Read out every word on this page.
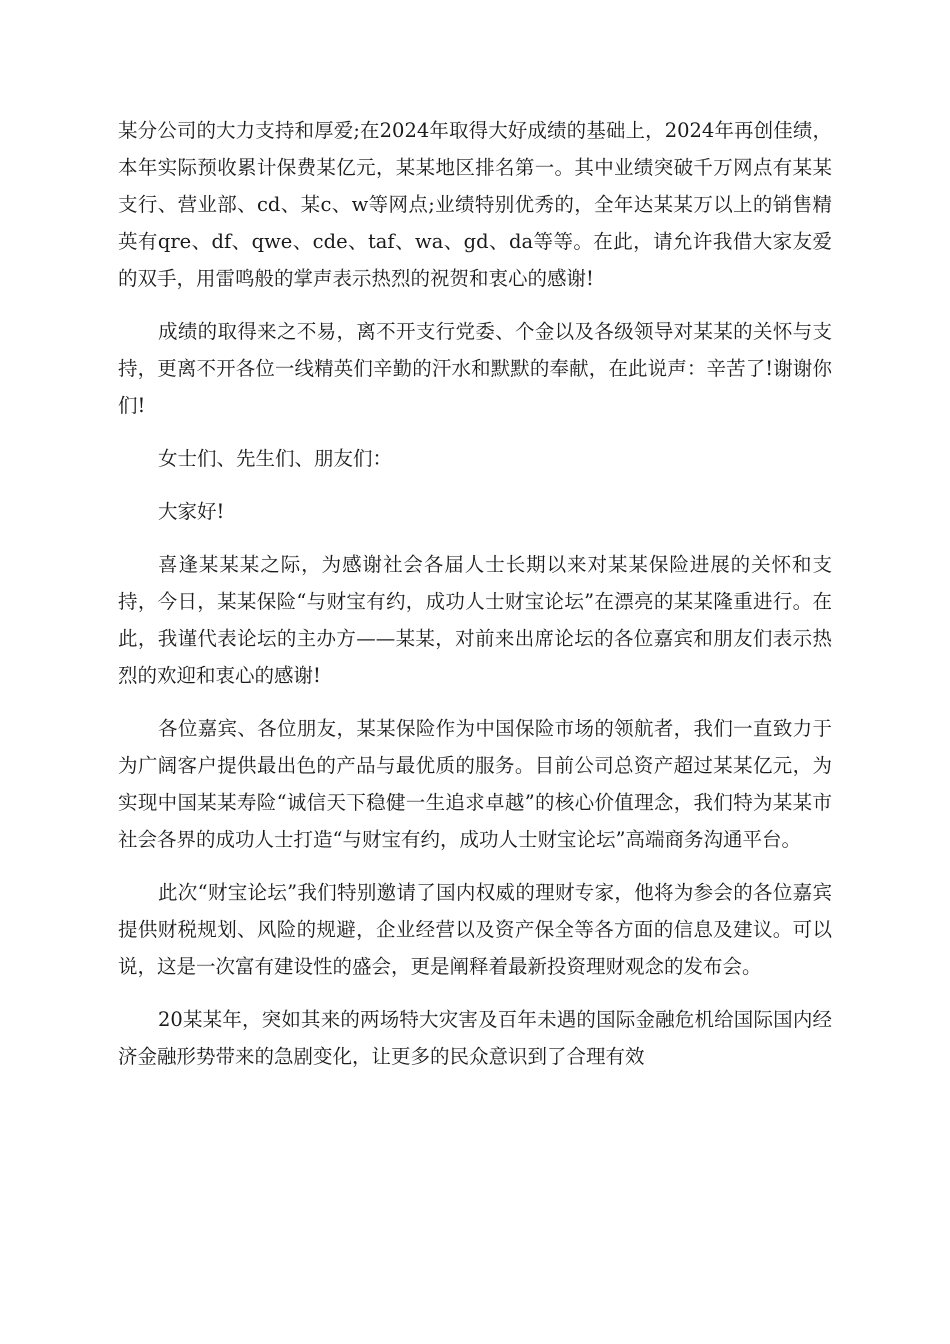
某分公司的大力支持和厚爱;在2024年取得大好成绩的基础上，2024年再创佳绩，本年实际预收累计保费某亿元，某某地区排名第一。其中业绩突破千万网点有某某支行、营业部、cd、某c、w等网点;业绩特别优秀的，全年达某某万以上的销售精英有qre、df、qwe、cde、taf、wa、gd、da等等。在此，请允许我借大家友爱的双手，用雷鸣般的掌声表示热烈的祝贺和衷心的感谢!

成绩的取得来之不易，离不开支行党委、个金以及各级领导对某某的关怀与支持，更离不开各位一线精英们辛勤的汗水和默默的奉献，在此说声：辛苦了!谢谢你们!

女士们、先生们、朋友们：

大家好!

喜逢某某某之际，为感谢社会各届人士长期以来对某某保险进展的关怀和支持，今日，某某保险“与财宝有约，成功人士财宝论坛”在漂亮的某某隆重进行。在此，我谨代表论坛的主办方——某某，对前来出席论坛的各位嘉宾和朋友们表示热烈的欢迎和衷心的感谢!

各位嘉宾、各位朋友，某某保险作为中国保险市场的领航者，我们一直致力于为广阔客户提供最出色的产品与最优质的服务。目前公司总资产超过某某亿元，为实现中国某某寿险“诚信天下稳健一生追求卓越”的核心价值理念，我们特为某某市社会各界的成功人士打造“与财宝有约，成功人士财宝论坛”高端商务沟通平台。

此次“财宝论坛”我们特别邀请了国内权威的理财专家，他将为参会的各位嘉宾提供财税规划、风险的规避，企业经营以及资产保全等各方面的信息及建议。可以说，这是一次富有建设性的盛会，更是阐释着最新投资理财观念的发布会。

20某某年，突如其来的两场特大灾害及百年未遇的国际金融危机给国际国内经济金融形势带来的急剧变化，让更多的民众意识到了合理有效
